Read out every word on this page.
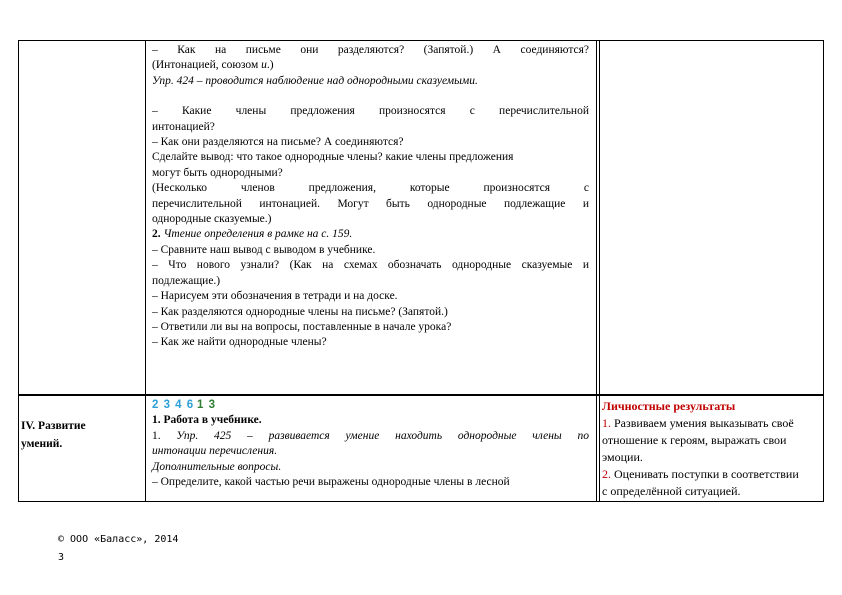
– Как на письме они разделяются? (Запятой.) А соединяются?

(Интонацией, союзом и.)

Упр. 424 – проводится наблюдение над однородными сказуемыми.

– Какие члены предложения произносятся с перечислительной

интонацией?

– Как они разделяются на письме? А соединяются?

Сделайте вывод: что такое однородные члены? какие члены предложения

могут быть однородными?

(Несколько членов предложения, которые произносятся с

перечислительной интонацией. Могут быть однородные подлежащие и

однородные сказуемые.)

2. Чтение определения в рамке на с. 159.

– Сравните наш вывод с выводом в учебнике.

– Что нового узнали? (Как на схемах обозначать однородные сказуемые и

подлежащие.)

– Нарисуем эти обозначения в тетради и на доске.

– Как разделяются однородные члены на письме? (Запятой.)

– Ответили ли вы на вопросы, поставленные в начале урока?

– Как же найти однородные члены?

IV. Развитие

умений.

2 3 4 6 1 3

1. Работа в учебнике.

1. Упр. 425 – развивается умение находить однородные члены по

интонации перечисления.

Дополнительные вопросы.

– Определите, какой частью речи выражены однородные члены в лесной

Личностные результаты

1. Развиваем умения выказывать своё

отношение к героям, выражать свои

эмоции.

2. Оценивать поступки в соответствии

с определённой ситуацией.

© ООО «Баласс», 2014
3
